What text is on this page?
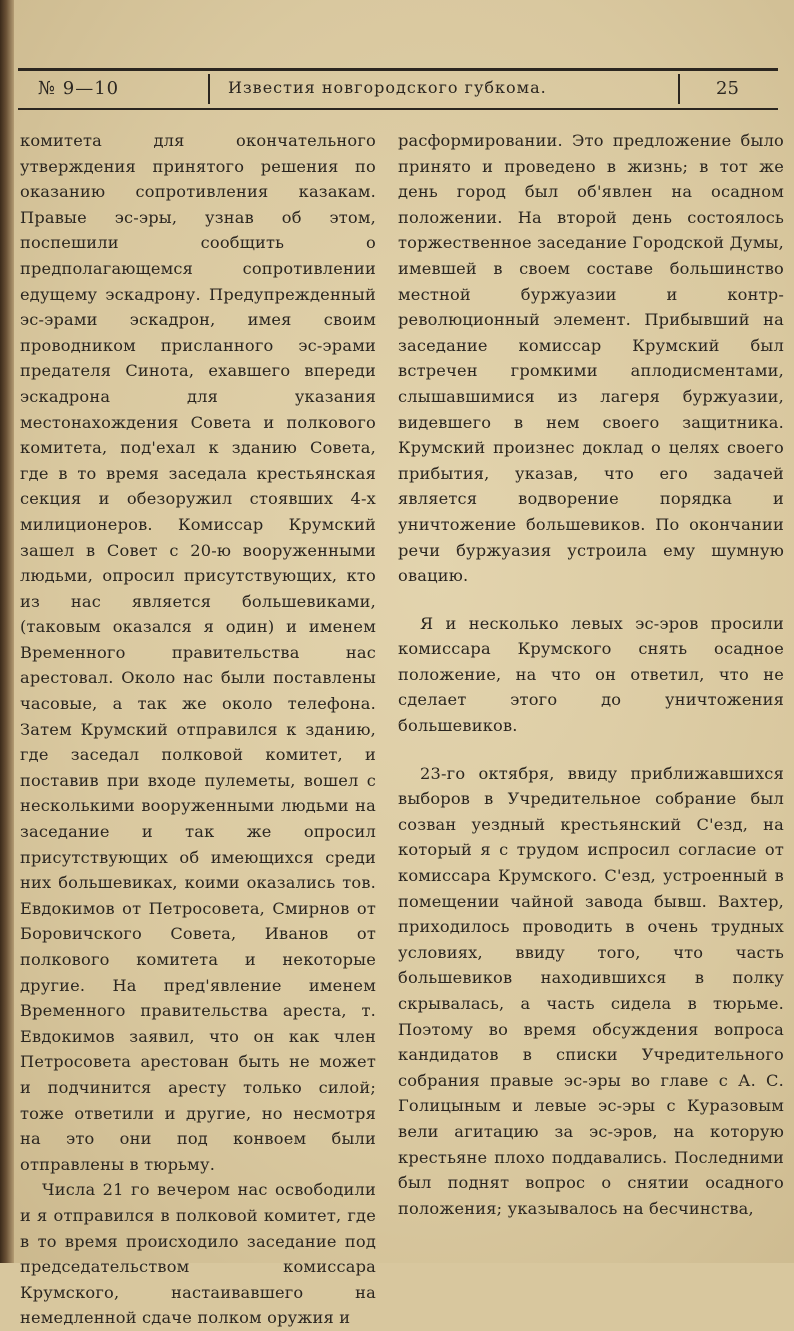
№ 9—10	Известия новгородского губкома.	25

комитета для окончательного утверждения принятого решения по оказанию сопротивления казакам. Правые эс-эры, узнав об этом, поспешили сообщить о предполагающемся сопротивлении едущему эскадрону. Предупрежденный эс-эрами эскадрон, имея своим проводником присланного эс-эрами предателя Синота, ехавшего впереди эскадрона для указания местонахождения Совета и полкового комитета, под'ехал к зданию Совета, где в то время заседала крестьянская секция и обезоружил стоявших 4-х милиционеров. Комиссар Крумский зашел в Совет с 20-ю вооруженными людьми, опросил присутствующих, кто из нас является большевиками, (таковым оказался я один) и именем Временного правительства нас арестовал. Около нас были поставлены часовые, а так же около телефона. Затем Крумский отправился к зданию, где заседал полковой комитет, и поставив при входе пулеметы, вошел с несколькими вооруженными людьми на заседание и так же опросил присутствующих об имеющихся среди них большевиках, коими оказались тов. Евдокимов от Петросовета, Смирнов от Боровичского Совета, Иванов от полкового комитета и некоторые другие. На пред'явление именем Временного правительства ареста, т. Евдокимов заявил, что он как член Петросовета арестован быть не может и подчинится аресту только силой; тоже ответили и другие, но несмотря на это они под конвоем были отправлены в тюрьму.

Числа 21 го вечером нас освободили и я отправился в полковой комитет, где в то время происходило заседание под председательством комиссара Крумского, настаивавшего на немедленной сдаче полком оружия и

расформировании. Это предложение было принято и проведено в жизнь; в тот же день город был об'явлен на осадном положении. На второй день состоялось торжественное заседание Городской Думы, имевшей в своем составе большинство местной буржуазии и контр-революционный элемент. Прибывший на заседание комиссар Крумский был встречен громкими аплодисментами, слышавшимися из лагеря буржуазии, видевшего в нем своего защитника. Крумский произнес доклад о целях своего прибытия, указав, что его задачей является водворение порядка и уничтожение большевиков. По окончании речи буржуазия устроила ему шумную овацию.

Я и несколько левых эс-эров просили комиссара Крумского снять осадное положение, на что он ответил, что не сделает этого до уничтожения большевиков.

23-го октября, ввиду приближавшихся выборов в Учредительное собрание был созван уездный крестьянский С'езд, на который я с трудом испросил согласие от комиссара Крумского. С'езд, устроенный в помещении чайной завода бывш. Вахтер, приходилось проводить в очень трудных условиях, ввиду того, что часть большевиков находившихся в полку скрывалась, а часть сидела в тюрьме. Поэтому во время обсуждения вопроса кандидатов в списки Учредительного собрания правые эс-эры во главе с А. С. Голицыным и левые эс-эры с Куразовым вели агитацию за эс-эров, на которую крестьяне плохо поддавались. Последними был поднят вопрос о снятии осадного положения; указывалось на бесчинства,
